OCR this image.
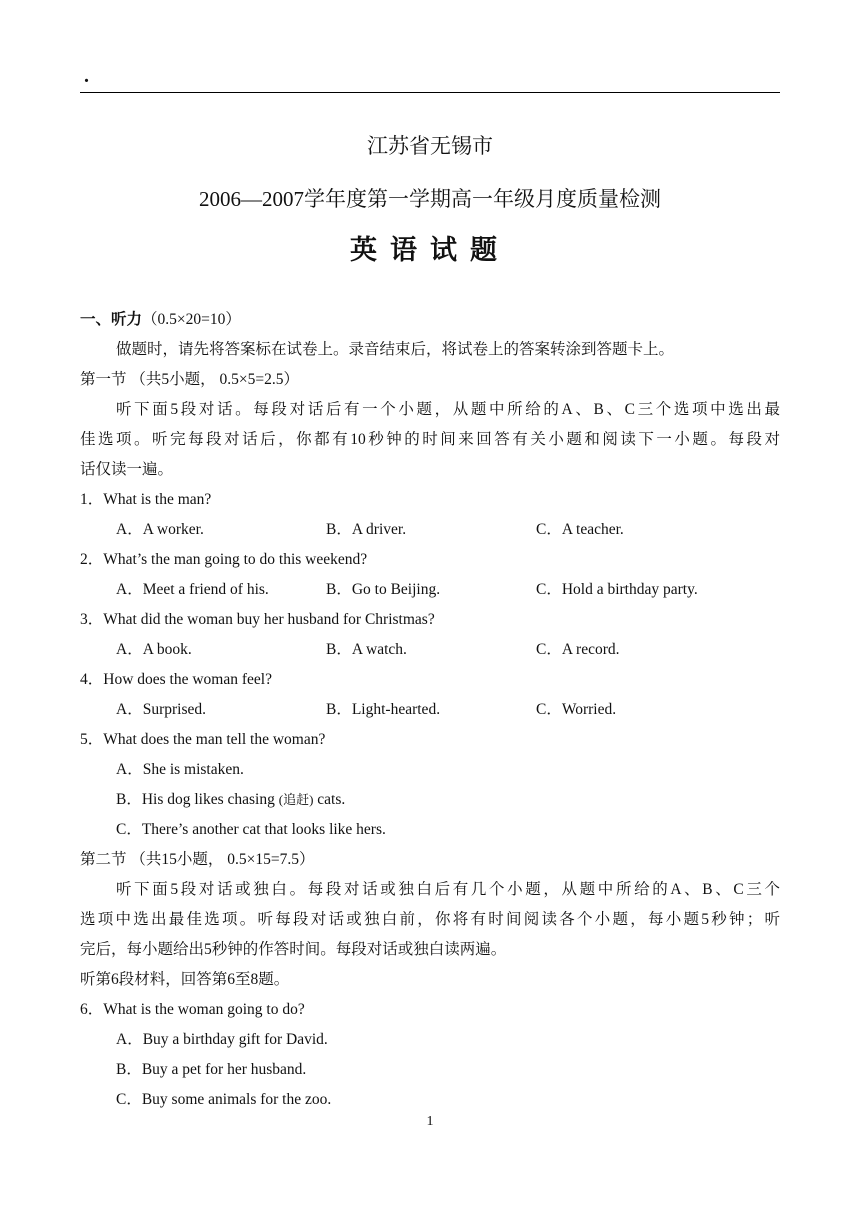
.
江苏省无锡市
2006—2007学年度第一学期高一年级月度质量检测
英语试题
一、听力（0.5×20=10）
做题时，请先将答案标在试卷上。录音结束后，将试卷上的答案转涂到答题卡上。
第一节 （共5小题， 0.5×5=2.5）
听下面5段对话。每段对话后有一个小题，从题中所给的A、B、C三个选项中选出最
佳选项。听完每段对话后，你都有10秒钟的时间来回答有关小题和阅读下一小题。每段对
话仅读一遍。
1．What is the man?
A．A worker.	B．A driver.	C．A teacher.
2．What’s the man going to do this weekend?
A．Meet a friend of his.	B．Go to Beijing.	C．Hold a birthday party.
3．What did the woman buy her husband for Christmas?
A．A book.	B．A watch.	C．A record.
4．How does the woman feel?
A．Surprised.	B．Light-hearted.	C．Worried.
5．What does the man tell the woman?
A．She is mistaken.
B．His dog likes chasing (追赶) cats.
C．There’s another cat that looks like hers.
第二节 （共15小题， 0.5×15=7.5）
听下面5段对话或独白。每段对话或独白后有几个小题，从题中所给的A、B、C三个
选项中选出最佳选项。听每段对话或独白前，你将有时间阅读各个小题，每小题5秒钟；听
完后，每小题给出5秒钟的作答时间。每段对话或独白读两遍。
听第6段材料，回答第6至8题。
6．What is the woman going to do?
A．Buy a birthday gift for David.
B．Buy a pet for her husband.
C．Buy some animals for the zoo.
1
